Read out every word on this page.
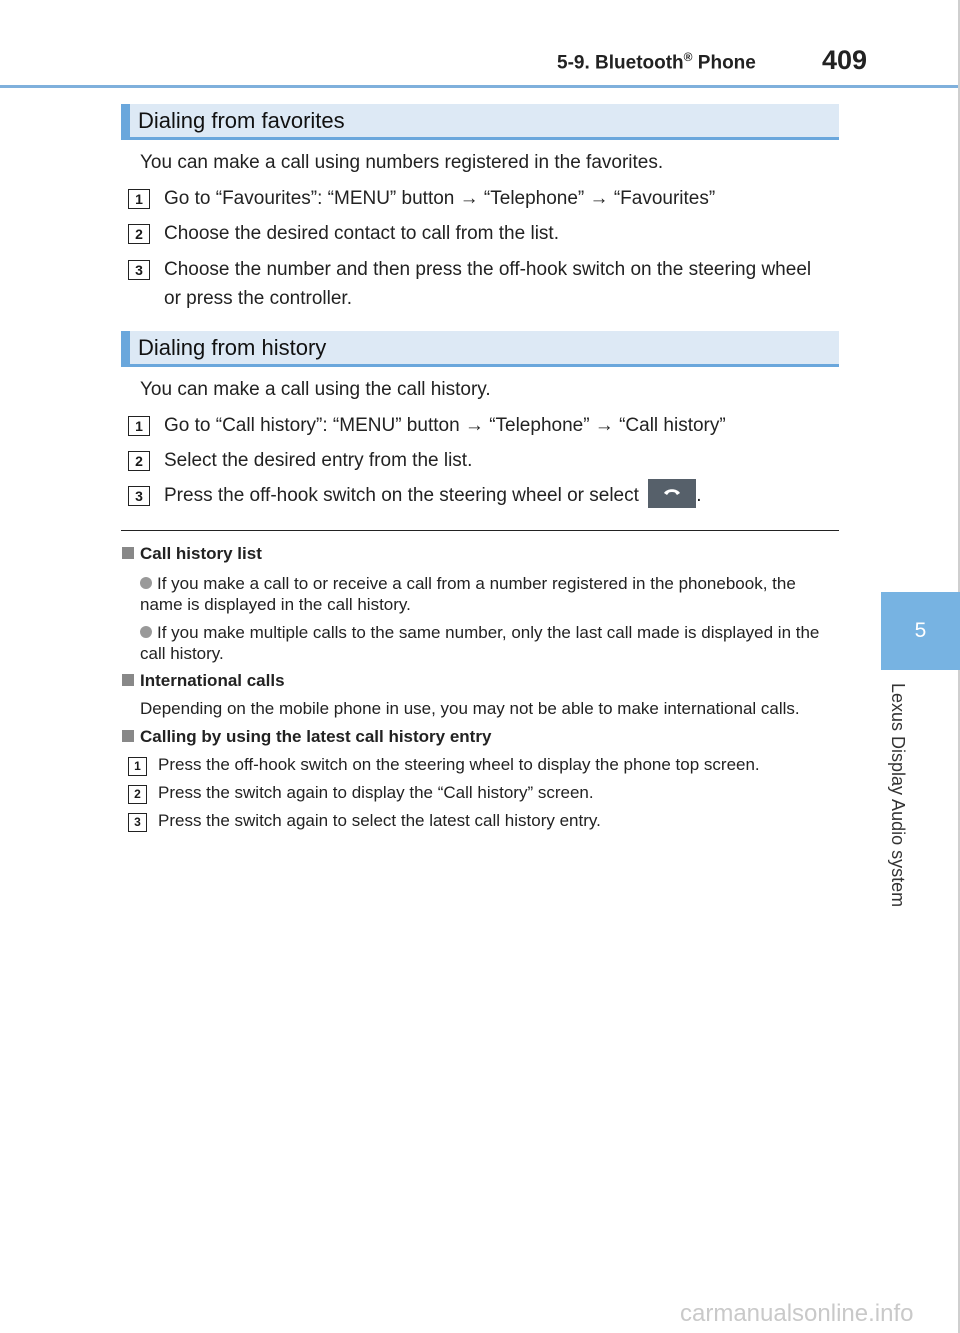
5-9. Bluetooth® Phone 409
5
Lexus Display Audio system
Dialing from favorites
You can make a call using numbers registered in the favorites.
1	Go to “Favourites”: “MENU” button → “Telephone” → “Favourites”
2	Choose the desired contact to call from the list.
3	Choose the number and then press the off-hook switch on the steering wheel
or press the controller.
Dialing from history
You can make a call using the call history.
1	Go to “Call history”: “MENU” button → “Telephone” → “Call history”
2	Select the desired entry from the list.
3	Press the off-hook switch on the steering wheel or select	.
Call history list
If you make a call to or receive a call from a number registered in the phonebook, the name is displayed in the call history.
If you make multiple calls to the same number, only the last call made is displayed in the call history.
International calls
Depending on the mobile phone in use, you may not be able to make international calls.
Calling by using the latest call history entry
1	Press the off-hook switch on the steering wheel to display the phone top screen.
2	Press the switch again to display the “Call history” screen.
3	Press the switch again to select the latest call history entry.
carmanualsonline.info
